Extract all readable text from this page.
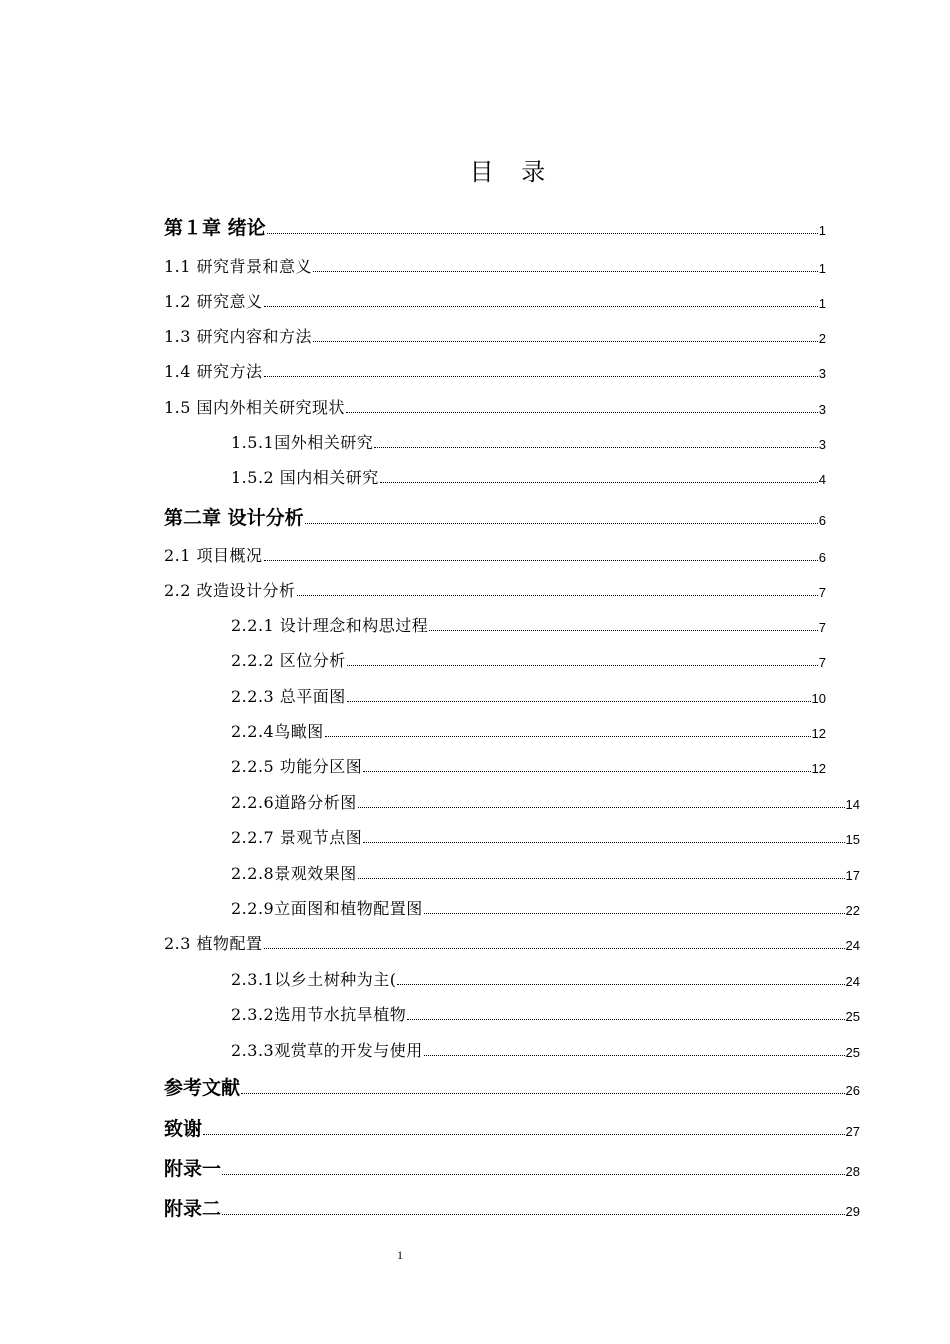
目 录
第１章 绪论	1
1.1 研究背景和意义	1
1.2 研究意义	1
1.3 研究内容和方法	2
1.4 研究方法	3
1.5 国内外相关研究现状	3
1.5.1国外相关研究	3
1.5.2 国内相关研究	4
第二章 设计分析	6
2.1 项目概况	6
2.2 改造设计分析	7
2.2.1 设计理念和构思过程	7
2.2.2 区位分析	7
2.2.3 总平面图	10
2.2.4鸟瞰图	12
2.2.5 功能分区图	12
2.2.6道路分析图	14
2.2.7 景观节点图	15
2.2.8景观效果图	17
2.2.9立面图和植物配置图	22
2.3 植物配置	24
2.3.1以乡土树种为主(	24
2.3.2选用节水抗旱植物	25
2.3.3观赏草的开发与使用	25
参考文献	26
致谢	27
附录一	28
附录二	29
1
